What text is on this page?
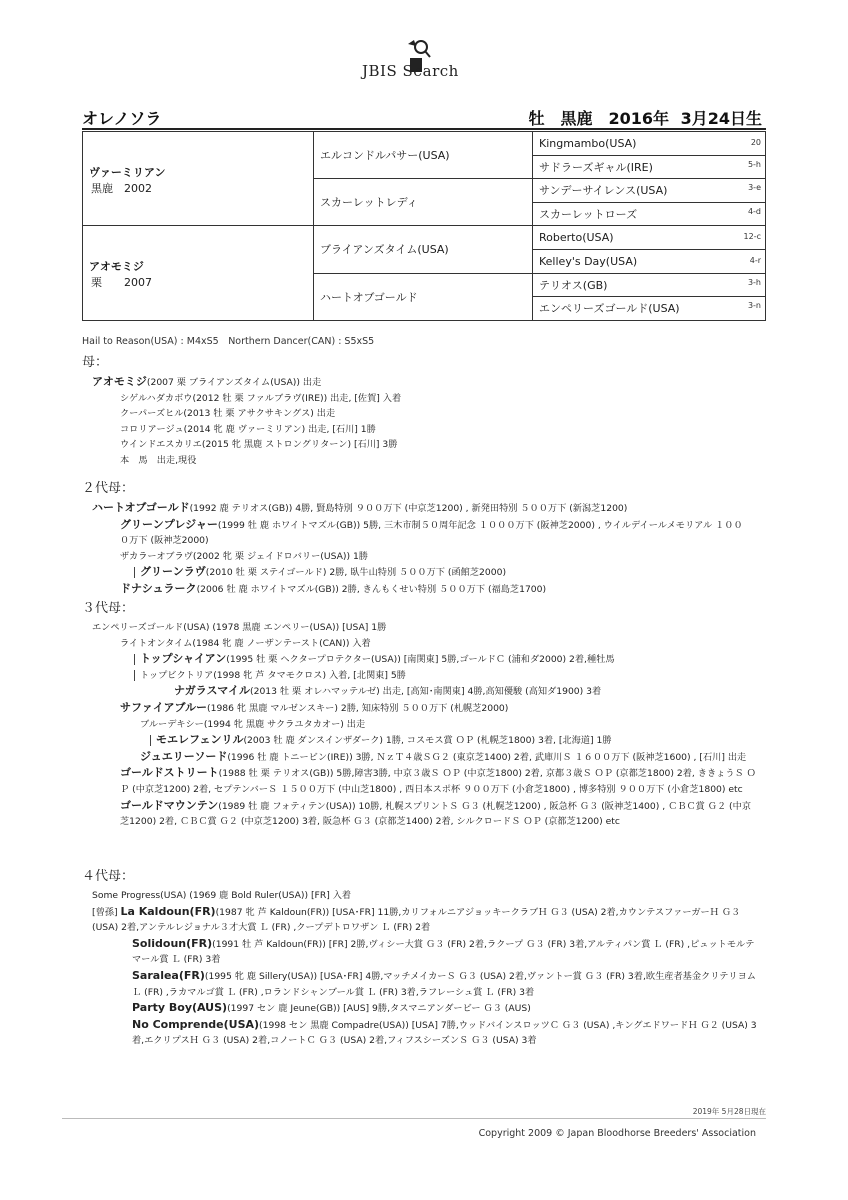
JBIS Search
オレノソラ	牡　黒鹿　2016年 3月24日生
ヴァーミリアン
黒鹿　2002	エルコンドルパサー(USA)	Kingmambo(USA) 20

		サドラーズギャル(IRE) 5-h

	スカーレットレディ	サンデーサイレンス(USA) 3-e

		スカーレットローズ 4-d

アオモミジ
栗　　2007	ブライアンズタイム(USA)	Roberto(USA) 12-c

		Kelley's Day(USA) 4-r

	ハートオブゴールド	テリオス(GB) 3-h

		エンペリーズゴールド(USA) 3-n
Hail to Reason(USA) : M4xS5　Northern Dancer(CAN) : S5xS5
母：
アオモミジ(2007 栗 ブライアンズタイム(USA)) 出走
シゲルハダカボウ(2012 牡 栗 ファルブラヴ(IRE)) 出走, [佐賀] 入着
クーパーズヒル(2013 牡 栗 アサクサキングス) 出走
コロリアージュ(2014 牝 鹿 ヴァーミリアン) 出走, [石川] 1勝
ウインドエスカリエ(2015 牝 黒鹿 ストロングリターン) [石川] 3勝
本　馬　出走,現役
２代母：
ハートオブゴールド(1992 鹿 テリオス(GB)) 4勝, 賢島特別 ９００万下 (中京芝1200) , 新発田特別 ５００万下 (新潟芝1200)
グリーンプレジャー(1999 牡 鹿 ホワイトマズル(GB)) 5勝, 三木市制５０周年記念 １０００万下 (阪神芝2000) , ウイルデイールメモリアル １０００万下 (阪神芝2000)
ザカラーオブラヴ(2002 牝 栗 ジェイドロバリー(USA)) 1勝
グリーンラヴ(2010 牡 栗 ステイゴールド) 2勝, 臥牛山特別 ５００万下 (函館芝2000)
ドナシュラーク(2006 牡 鹿 ホワイトマズル(GB)) 2勝, きんもくせい特別 ５００万下 (福島芝1700)
３代母：
エンペリーズゴールド(USA) (1978 黒鹿 エンペリー(USA)) [USA] 1勝
ライトオンタイム(1984 牝 鹿 ノーザンテースト(CAN)) 入着
トップシャイアン(1995 牡 栗 ヘクタープロテクター(USA)) [南関東] 5勝,ゴールドＣ (浦和ダ2000) 2着,種牡馬
トップビクトリア(1998 牝 芦 タマモクロス) 入着, [北関東] 5勝
ナガラスマイル(2013 牡 栗 オレハマッテルゼ) 出走, [高知･南関東] 4勝,高知優駿 (高知ダ1900) 3着
サファイアブルー(1986 牝 黒鹿 マルゼンスキー) 2勝, 知床特別 ５００万下 (札幌芝2000)
ブルーデキシー(1994 牝 黒鹿 サクラユタカオー) 出走
モエレフェンリル(2003 牡 鹿 ダンスインザダーク) 1勝, コスモス賞 ＯＰ (札幌芝1800) 3着, [北海道] 1勝
ジュエリーソード(1996 牡 鹿 トニービン(IRE)) 3勝, ＮｚＴ４歳ＳＧ２ (東京芝1400) 2着, 武庫川Ｓ １６００万下 (阪神芝1600) , [石川] 出走
ゴールドストリート(1988 牡 栗 テリオス(GB)) 5勝,障害3勝, 中京３歳Ｓ ＯＰ (中京芝1800) 2着, 京都３歳Ｓ ＯＰ (京都芝1800) 2着, ききょうＳ ＯＰ (中京芝1200) 2着, セプテンバーＳ １５００万下 (中山芝1800) , 西日本スポ杯 ９００万下 (小倉芝1800) , 博多特別 ９００万下 (小倉芝1800) etc
ゴールドマウンテン(1989 牡 鹿 フォティテン(USA)) 10勝, 札幌スプリントＳ Ｇ３ (札幌芝1200) , 阪急杯 Ｇ３ (阪神芝1400) , ＣＢＣ賞 Ｇ２ (中京芝1200) 2着, ＣＢＣ賞 Ｇ２ (中京芝1200) 3着, 阪急杯 Ｇ３ (京都芝1400) 2着, シルクロードＳ ＯＰ (京都芝1200) etc
４代母：
Some Progress(USA) (1969 鹿 Bold Ruler(USA)) [FR] 入着
[曾孫] La Kaldoun(FR)(1987 牝 芦 Kaldoun(FR)) [USA･FR] 11勝,カリフォルニアジョッキークラブＨ Ｇ３ (USA) 2着,カウンテスファーガーＨ Ｇ３ (USA) 2着,アンテルレジョナル３才大賞 Ｌ (FR) ,クープデトロワザン Ｌ (FR) 2着
Solidoun(FR)(1991 牡 芦 Kaldoun(FR)) [FR] 2勝,ヴィシー大賞 Ｇ３ (FR) 2着,ラクープ Ｇ３ (FR) 3着,アルティパン賞 Ｌ (FR) ,ピュットモルテマール賞 Ｌ (FR) 3着
Saralea(FR)(1995 牝 鹿 Sillery(USA)) [USA･FR] 4勝,マッチメイカーＳ Ｇ３ (USA) 2着,ヴァントー賞 Ｇ３ (FR) 3着,欧生産者基金クリテリヨム Ｌ (FR) ,ラカマルゴ賞 Ｌ (FR) ,ロランドシャンブール賞 Ｌ (FR) 3着,ラフレーシュ賞 Ｌ (FR) 3着
Party Boy(AUS)(1997 セン 鹿 Jeune(GB)) [AUS] 9勝,タスマニアンダービー Ｇ３ (AUS)
No Comprende(USA)(1998 セン 黒鹿 Compadre(USA)) [USA] 7勝,ウッドバインスロッツＣ Ｇ３ (USA) ,キングエドワードＨ Ｇ２ (USA) 3着,エクリプスＨ Ｇ３ (USA) 2着,コノートＣ Ｇ３ (USA) 2着,フィフスシーズンＳ Ｇ３ (USA) 3着
2019年 5月28日現在
Copyright 2009 © Japan Bloodhorse Breeders' Association
